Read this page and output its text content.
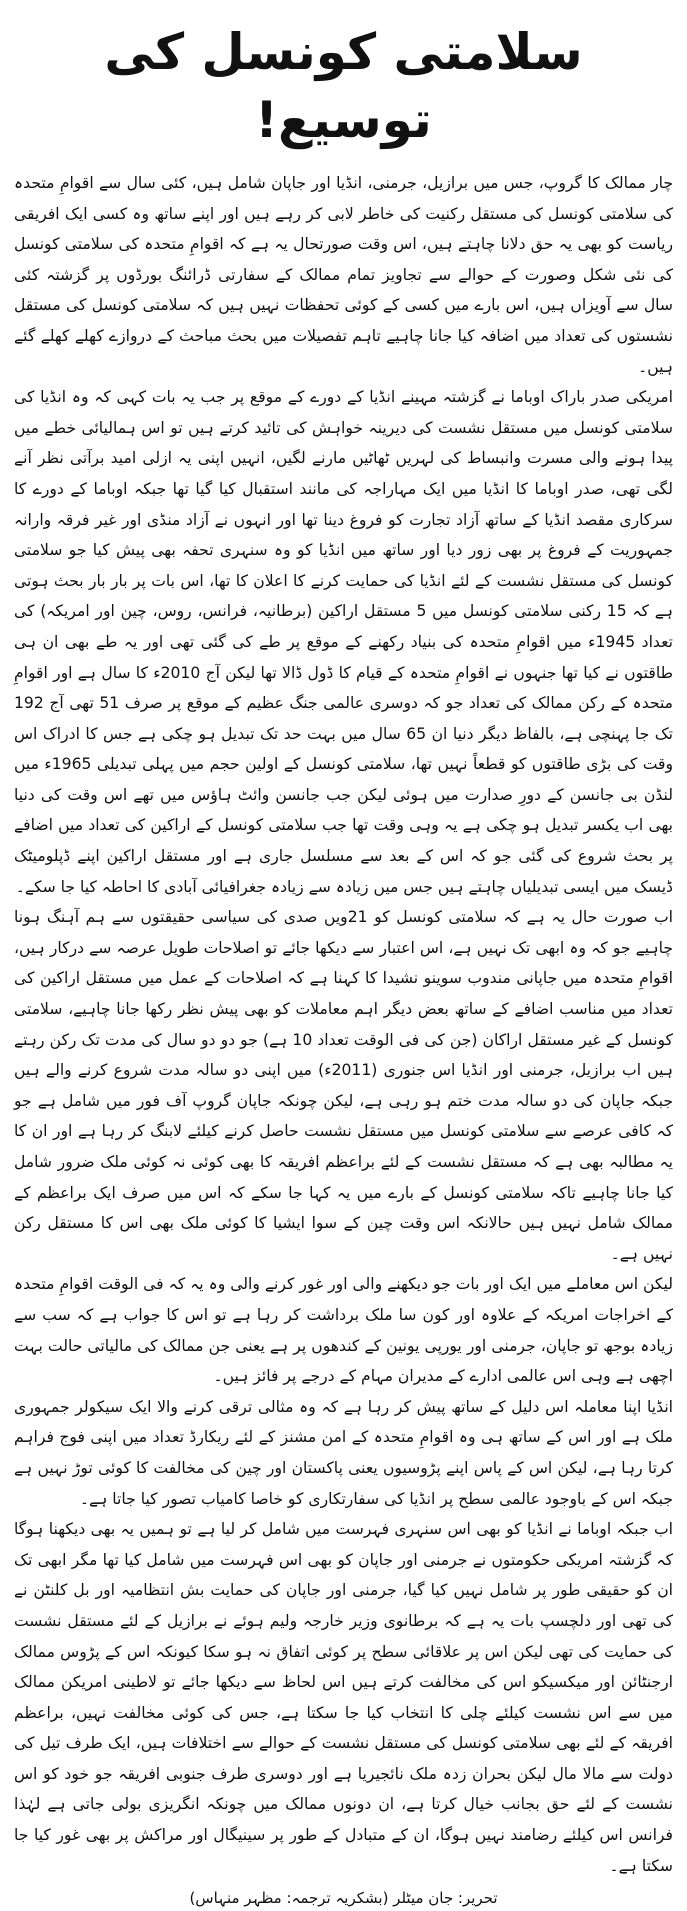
سلامتی کونسل کی توسیع!

چار ممالک کا گروپ، جس میں برازیل، جرمنی، انڈیا اور جاپان شامل ہیں، کئی سال سے اقوامِ متحدہ کی سلامتی کونسل کی مستقل رکنیت کی خاطر لابی کر رہے ہیں اور اپنے ساتھ وہ کسی ایک افریقی ریاست کو بھی یہ حق دلانا چاہتے ہیں، اس وقت صورتحال یہ ہے کہ اقوامِ متحدہ کی سلامتی کونسل کی نئی شکل وصورت کے حوالے سے تجاویز تمام ممالک کے سفارتی ڈرائنگ بورڈوں پر گزشتہ کئی سال سے آویزاں ہیں، اس بارے میں کسی کے کوئی تحفظات نہیں ہیں کہ سلامتی کونسل کی مستقل نشستوں کی تعداد میں اضافہ کیا جانا چاہیے تاہم تفصیلات میں بحث مباحث کے دروازے کھلے کھلے گئے ہیں۔

امریکی صدر باراک اوباما نے گزشتہ مہینے انڈیا کے دورے کے موقع پر جب یہ بات کہی کہ وہ انڈیا کی سلامتی کونسل میں مستقل نشست کی دیرینہ خواہش کی تائید کرتے ہیں تو اس ہمالیائی خطے میں پیدا ہونے والی مسرت وانبساط کی لہریں ٹھاٹیں مارنے لگیں، انہیں اپنی یہ ازلی امید برآتی نظر آنے لگی تھی، صدر اوباما کا انڈیا میں ایک مہاراجہ کی مانند استقبال کیا گیا تھا جبکہ اوباما کے دورے کا سرکاری مقصد انڈیا کے ساتھ آزاد تجارت کو فروغ دینا تھا اور انہوں نے آزاد منڈی اور غیر فرقہ وارانہ جمہوریت کے فروغ پر بھی زور دیا اور ساتھ میں انڈیا کو وہ سنہری تحفہ بھی پیش کیا جو سلامتی کونسل کی مستقل نشست کے لئے انڈیا کی حمایت کرنے کا اعلان کا تھا، اس بات پر بار بار بحث ہوتی ہے کہ 15 رکنی سلامتی کونسل میں 5 مستقل اراکین (برطانیہ، فرانس، روس، چین اور امریکہ) کی تعداد 1945ء میں اقوامِ متحدہ کی بنیاد رکھنے کے موقع پر طے کی گئی تھی اور یہ طے بھی ان ہی طاقتوں نے کیا تھا جنہوں نے اقوامِ متحدہ کے قیام کا ڈول ڈالا تھا لیکن آج 2010ء کا سال ہے اور اقوامِ متحدہ کے رکن ممالک کی تعداد جو کہ دوسری عالمی جنگ عظیم کے موقع پر صرف 51 تھی آج 192 تک جا پہنچی ہے، بالفاظ دیگر دنیا ان 65 سال میں بہت حد تک تبدیل ہو چکی ہے جس کا ادراک اس وقت کی بڑی طاقتوں کو قطعاً نہیں تھا، سلامتی کونسل کے اولین حجم میں پہلی تبدیلی 1965ء میں لنڈن بی جانسن کے دورِ صدارت میں ہوئی لیکن جب جانسن وائٹ ہاؤس میں تھے اس وقت کی دنیا بھی اب یکسر تبدیل ہو چکی ہے یہ وہی وقت تھا جب سلامتی کونسل کے اراکین کی تعداد میں اضافے پر بحث شروع کی گئی جو کہ اس کے بعد سے مسلسل جاری ہے اور مستقل اراکین اپنے ڈپلومیٹک ڈیسک میں ایسی تبدیلیاں چاہتے ہیں جس میں زیادہ سے زیادہ جغرافیائی آبادی کا احاطہ کیا جا سکے۔

اب صورت حال یہ ہے کہ سلامتی کونسل کو 21ویں صدی کی سیاسی حقیقتوں سے ہم آہنگ ہونا چاہیے جو کہ وہ ابھی تک نہیں ہے، اس اعتبار سے دیکھا جائے تو اصلاحات طویل عرصہ سے درکار ہیں، اقوامِ متحدہ میں جاپانی مندوب سوینو نشیدا کا کہنا ہے کہ اصلاحات کے عمل میں مستقل اراکین کی تعداد میں مناسب اضافے کے ساتھ بعض دیگر اہم معاملات کو بھی پیش نظر رکھا جانا چاہیے، سلامتی کونسل کے غیر مستقل اراکان (جن کی فی الوقت تعداد 10 ہے) جو دو دو سال کی مدت تک رکن رہتے ہیں اب برازیل، جرمنی اور انڈیا اس جنوری (2011ء) میں اپنی دو سالہ مدت شروع کرنے والے ہیں جبکہ جاپان کی دو سالہ مدت ختم ہو رہی ہے، لیکن چونکہ جاپان گروپ آف فور میں شامل ہے جو کہ کافی عرصے سے سلامتی کونسل میں مستقل نشست حاصل کرنے کیلئے لابنگ کر رہا ہے اور ان کا یہ مطالبہ بھی ہے کہ مستقل نشست کے لئے براعظم افریقہ کا بھی کوئی نہ کوئی ملک ضرور شامل کیا جانا چاہیے تاکہ سلامتی کونسل کے بارے میں یہ کہا جا سکے کہ اس میں صرف ایک براعظم کے ممالک شامل نہیں ہیں حالانکہ اس وقت چین کے سوا ایشیا کا کوئی ملک بھی اس کا مستقل رکن نہیں ہے۔

لیکن اس معاملے میں ایک اور بات جو دیکھنے والی اور غور کرنے والی وہ یہ کہ فی الوقت اقوامِ متحدہ کے اخراجات امریکہ کے علاوہ اور کون سا ملک برداشت کر رہا ہے تو اس کا جواب ہے کہ سب سے زیادہ بوجھ تو جاپان، جرمنی اور یورپی یونین کے کندھوں پر ہے یعنی جن ممالک کی مالیاتی حالت بہت اچھی ہے وہی اس عالمی ادارے کے مدیران مہام کے درجے پر فائز ہیں۔

انڈیا اپنا معاملہ اس دلیل کے ساتھ پیش کر رہا ہے کہ وہ مثالی ترقی کرنے والا ایک سیکولر جمہوری ملک ہے اور اس کے ساتھ ہی وہ اقوامِ متحدہ کے امن مشنز کے لئے ریکارڈ تعداد میں اپنی فوج فراہم کرتا رہا ہے، لیکن اس کے پاس اپنے پڑوسیوں یعنی پاکستان اور چین کی مخالفت کا کوئی توڑ نہیں ہے جبکہ اس کے باوجود عالمی سطح پر انڈیا کی سفارتکاری کو خاصا کامیاب تصور کیا جاتا ہے۔

اب جبکہ اوباما نے انڈیا کو بھی اس سنہری فہرست میں شامل کر لیا ہے تو ہمیں یہ بھی دیکھنا ہوگا کہ گزشتہ امریکی حکومتوں نے جرمنی اور جاپان کو بھی اس فہرست میں شامل کیا تھا مگر ابھی تک ان کو حقیقی طور پر شامل نہیں کیا گیا، جرمنی اور جاپان کی حمایت بش انتظامیہ اور بل کلنٹن نے کی تھی اور دلچسپ بات یہ ہے کہ برطانوی وزیر خارجہ ولیم ہوئے نے برازیل کے لئے مستقل نشست کی حمایت کی تھی لیکن اس پر علاقائی سطح پر کوئی اتفاق نہ ہو سکا کیونکہ اس کے پڑوس ممالک ارجنٹائن اور میکسیکو اس کی مخالفت کرتے ہیں اس لحاظ سے دیکھا جائے تو لاطینی امریکن ممالک میں سے اس نشست کیلئے چلی کا انتخاب کیا جا سکتا ہے، جس کی کوئی مخالفت نہیں، براعظم افریقہ کے لئے بھی سلامتی کونسل کی مستقل نشست کے حوالے سے اختلافات ہیں، ایک طرف تیل کی دولت سے مالا مال لیکن بحران زدہ ملک نائجیریا ہے اور دوسری طرف جنوبی افریقہ جو خود کو اس نشست کے لئے حق بجانب خیال کرتا ہے، ان دونوں ممالک میں چونکہ انگریزی بولی جاتی ہے لہٰذا فرانس اس کیلئے رضامند نہیں ہوگا، ان کے متبادل کے طور پر سینیگال اور مراکش پر بھی غور کیا جا سکتا ہے۔

تحریر: جان میٹلر (بشکریہ ترجمہ: مظہر منہاس)
